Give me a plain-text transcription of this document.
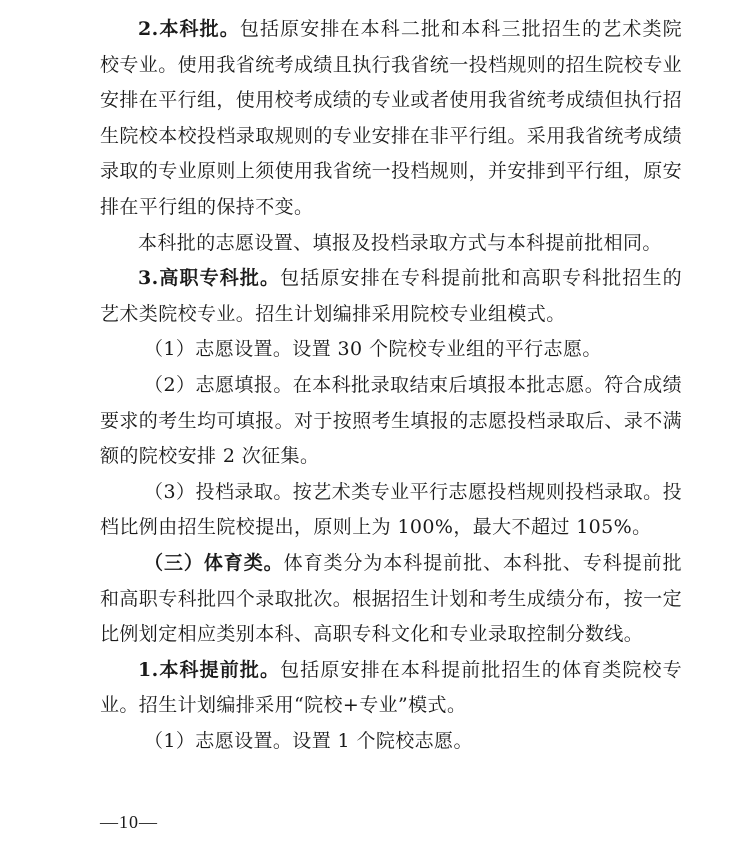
2.本科批。包括原安排在本科二批和本科三批招生的艺术类院校专业。使用我省统考成绩且执行我省统一投档规则的招生院校专业安排在平行组，使用校考成绩的专业或者使用我省统考成绩但执行招生院校本校投档录取规则的专业安排在非平行组。采用我省统考成绩录取的专业原则上须使用我省统一投档规则，并安排到平行组，原安排在平行组的保持不变。

本科批的志愿设置、填报及投档录取方式与本科提前批相同。

3.高职专科批。包括原安排在专科提前批和高职专科批招生的艺术类院校专业。招生计划编排采用院校专业组模式。

（1）志愿设置。设置 30 个院校专业组的平行志愿。

（2）志愿填报。在本科批录取结束后填报本批志愿。符合成绩要求的考生均可填报。对于按照考生填报的志愿投档录取后、录不满额的院校安排 2 次征集。

（3）投档录取。按艺术类专业平行志愿投档规则投档录取。投档比例由招生院校提出，原则上为 100%，最大不超过 105%。

（三）体育类。体育类分为本科提前批、本科批、专科提前批和高职专科批四个录取批次。根据招生计划和考生成绩分布，按一定比例划定相应类别本科、高职专科文化和专业录取控制分数线。

1.本科提前批。包括原安排在本科提前批招生的体育类院校专业。招生计划编排采用“院校+专业”模式。

（1）志愿设置。设置 1 个院校志愿。

—10—
